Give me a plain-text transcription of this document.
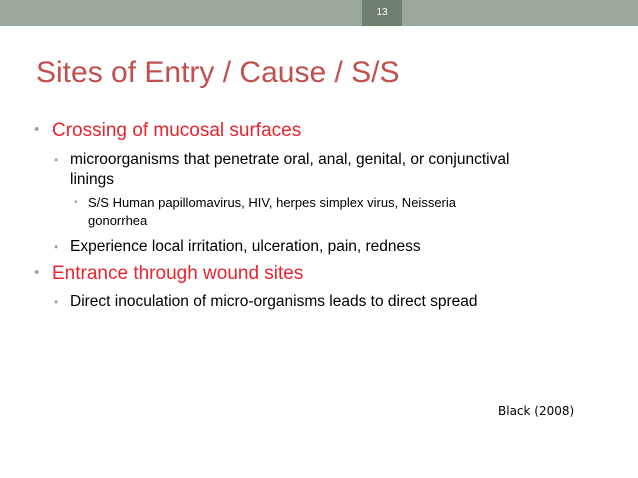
13
Sites of Entry / Cause / S/S
• Crossing of mucosal surfaces
• microorganisms that penetrate oral, anal, genital, or conjunctival
linings
• S/S Human papillomavirus, HIV, herpes simplex virus, Neisseria
gonorrhea
• Experience local irritation, ulceration, pain, redness
• Entrance through wound sites
• Direct inoculation of micro-organisms leads to direct spread
Black (2008)
